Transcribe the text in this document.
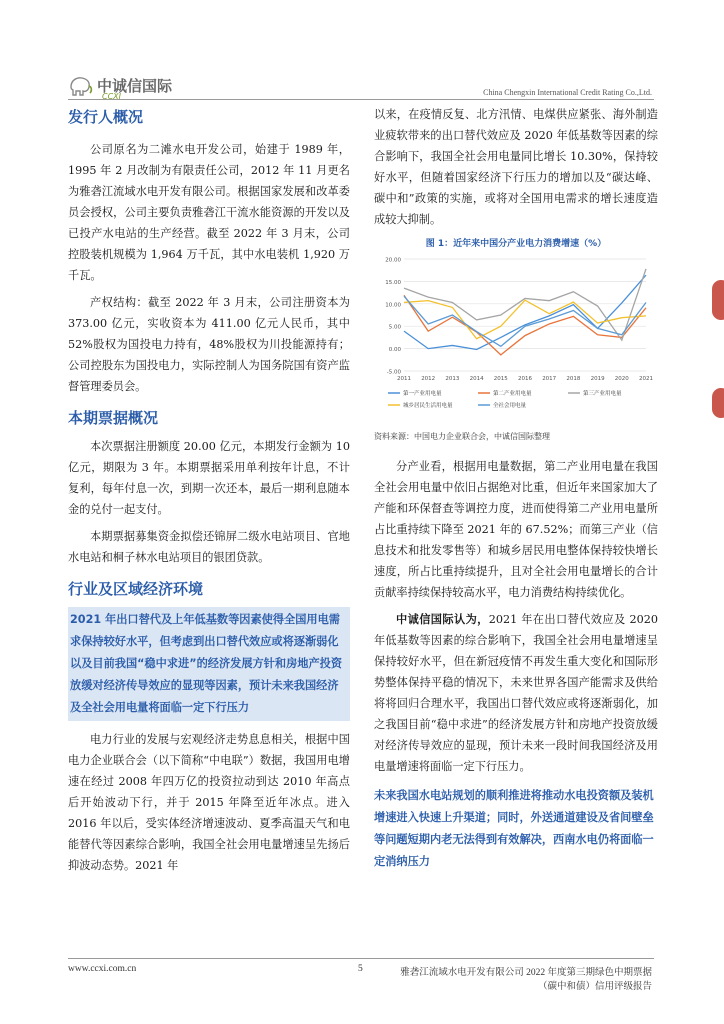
中诚信国际
CCXI	China Chengxin International Credit Rating Co.,Ltd.
发行人概况

公司原名为二滩水电开发公司，始建于 1989 年，1995 年 2 月改制为有限责任公司，2012 年 11 月更名为雅砻江流域水电开发有限公司。根据国家发展和改革委员会授权，公司主要负责雅砻江干流水能资源的开发以及已投产水电站的生产经营。截至 2022 年 3 月末，公司控股装机规模为 1,964 万千瓦，其中水电装机 1,920 万千瓦。

产权结构：截至 2022 年 3 月末，公司注册资本为 373.00 亿元，实收资本为 411.00 亿元人民币，其中 52%股权为国投电力持有，48%股权为川投能源持有；公司控股东为国投电力，实际控制人为国务院国有资产监督管理委员会。

本期票据概况

本次票据注册额度 20.00 亿元，本期发行金额为 10 亿元，期限为 3 年。本期票据采用单利按年计息，不计复利，每年付息一次，到期一次还本，最后一期利息随本金的兑付一起支付。

本期票据募集资金拟偿还锦屏二级水电站项目、官地水电站和桐子林水电站项目的银团贷款。

行业及区域经济环境
2021 年出口替代及上年低基数等因素使得全国用电需求保持较好水平，但考虑到出口替代效应或将逐渐弱化以及目前我国“稳中求进”的经济发展方针和房地产投资放缓对经济传导效应的显现等因素，预计未来我国经济及全社会用电量将面临一定下行压力

电力行业的发展与宏观经济走势息息相关，根据中国电力企业联合会（以下简称“中电联”）数据，我国用电增速在经过 2008 年四万亿的投资拉动到达 2010 年高点后开始波动下行，并于 2015 年降至近年冰点。进入 2016 年以后，受实体经济增速波动、夏季高温天气和电能替代等因素综合影响，我国全社会用电量增速呈先扬后抑波动态势。2021 年

以来，在疫情反复、北方汛情、电煤供应紧张、海外制造业疲软带来的出口替代效应及 2020 年低基数等因素的综合影响下，我国全社会用电量同比增长 10.30%，保持较好水平，但随着国家经济下行压力的增加以及“碳达峰、碳中和”政策的实施，或将对全国用电需求的增长速度造成较大抑制。

图 1：近年来中国分产业电力消费增速（%）
-5.00
0.00
5.00
10.00
15.00
20.00
2011 2012 2013 2014 2015 2016 2017 2018 2019 2020 2021
第一产业用电量	第二产业用电量	第三产业用电量
城乡居民生活用电量	全社会用电量
资料来源：中国电力企业联合会，中诚信国际整理

分产业看，根据用电量数据，第二产业用电量在我国全社会用电量中依旧占据绝对比重，但近年来国家加大了产能和环保督查等调控力度，进而使得第二产业用电量所占比重持续下降至 2021 年的 67.52%；而第三产业（信息技术和批发零售等）和城乡居民用电整体保持较快增长速度，所占比重持续提升，且对全社会用电量增长的合计贡献率持续保持较高水平，电力消费结构持续优化。

中诚信国际认为，2021 年在出口替代效应及 2020 年低基数等因素的综合影响下，我国全社会用电量增速呈保持较好水平，但在新冠疫情不再发生重大变化和国际形势整体保持平稳的情况下，未来世界各国产能需求及供给将将回归合理水平，我国出口替代效应或将逐渐弱化，加之我国目前“稳中求进”的经济发展方针和房地产投资放缓对经济传导效应的显现，预计未来一段时间我国经济及用电量增速将面临一定下行压力。

未来我国水电站规划的顺利推进将推动水电投资额及装机增速进入快速上升渠道；同时，外送通道建设及省间壁垒等问题短期内老无法得到有效解决，西南水电仍将面临一定消纳压力
www.ccxi.com.cn	5	雅砻江流域水电开发有限公司 2022 年度第三期绿色中期票据
（碳中和债）信用评级报告
